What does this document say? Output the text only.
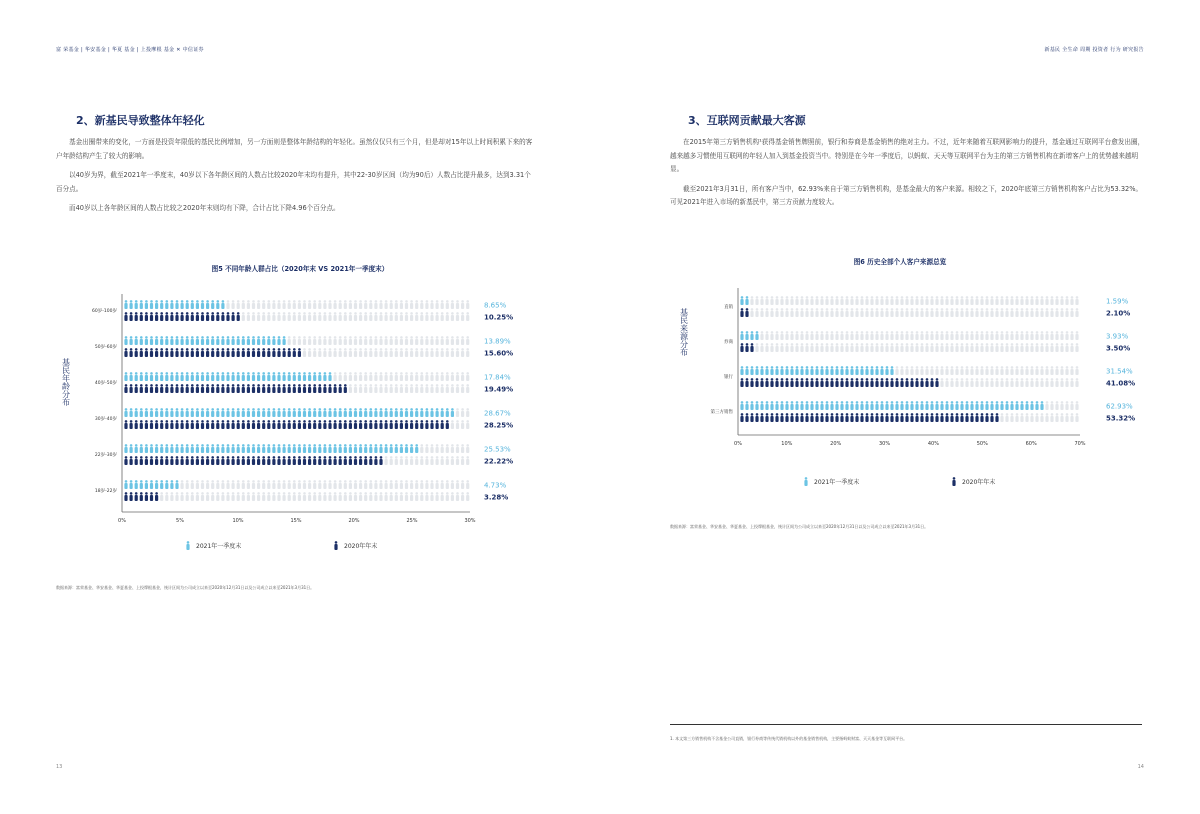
富 荣基金 | 华安基金 | 华夏 基金 | 上投摩根 基金 ✕ 中信证券
2、新基民导致整体年轻化

基金出圈带来的变化，一方面是投资年限低的基民比例增加，另一方面则是整体年龄结构的年轻化。虽然仅仅只有三个月，但是却对15年以上时间积累下来的客户年龄结构产生了较大的影响。

以40岁为界，截至2021年一季度末，40岁以下各年龄区间的人数占比较2020年末均有提升，其中22-30岁区间（均为90后）人数占比提升最多，达到3.31个百分点。

而40岁以上各年龄区间的人数占比较之2020年末则均有下降，合计占比下降4.96个百分点。

图5 不同年龄人群占比（2020年末 VS 2021年一季度末）
基民年龄分布
0%	5%	10%	15%	20%	25%	30%
60岁-100岁
8.65%
10.25%
50岁-60岁
13.89%
15.60%
40岁-50岁
17.84%
19.49%
30岁-40岁
28.67%
28.25%
22岁-30岁
25.53%
22.22%
18岁-22岁
4.73%
3.28%
2021年一季度末	2020年年末
数据来源：富荣基金、华安基金、华夏基金、上投摩根基金，统计区间为公司成立以来至2020年12月31日以及公司成立以来至2021年3月31日。
13
新基民 全生命 周期 投资者 行为 研究报告
3、互联网贡献最大客源

在2015年第三方销售机构¹获得基金销售牌照前，银行和券商是基金销售的绝对主力。不过，近年来随着互联网影响力的提升，基金通过互联网平台愈发出圈，越来越多习惯使用互联网的年轻人加入到基金投资当中。特别是在今年一季度后，以蚂蚁、天天等互联网平台为主的第三方销售机构在新增客户上的优势越来越明显。

截至2021年3月31日，所有客户当中，62.93%来自于第三方销售机构，是基金最大的客户来源。相较之下，2020年底第三方销售机构客户占比为53.32%。可见2021年进入市场的新基民中，第三方贡献力度较大。

图6 历史全部个人客户来源总览
基民来源分布
0%	10%	20%	30%	40%	50%	60%	70%
直销
1.59%
2.10%
券商
3.93%
3.50%
银行
31.54%
41.08%
第三方销售
62.93%
53.32%
2021年一季度末	2020年年末
数据来源：富荣基金、华安基金、华夏基金、上投摩根基金，统计区间为公司成立以来至2020年12月31日以及公司成立以来至2021年3月31日。
1. 本文第三方销售机构不含基金公司直销，银行券商等传统代销机构以外的基金销售机构，主要指蚂蚁财富、天天基金等互联网平台。
14
